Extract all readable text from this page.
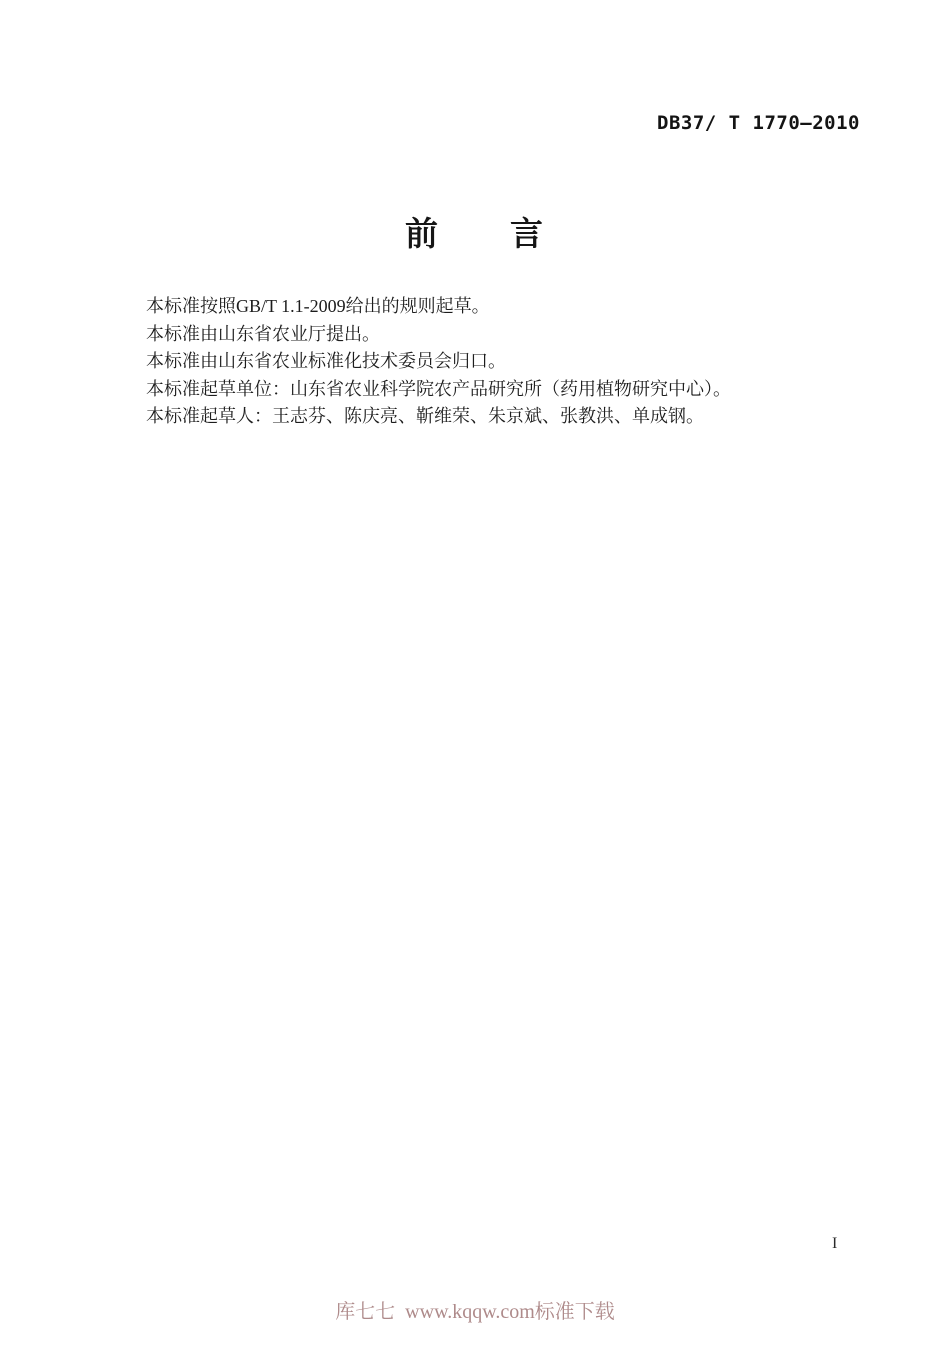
DB37/ T 1770—2010
前　　言

本标准按照GB/T 1.1-2009给出的规则起草。

本标准由山东省农业厅提出。

本标准由山东省农业标准化技术委员会归口。

本标准起草单位：山东省农业科学院农产品研究所（药用植物研究中心）。

本标准起草人：王志芬、陈庆亮、靳维荣、朱京斌、张教洪、单成钢。

I
库七七  www.kqqw.com标准下载
